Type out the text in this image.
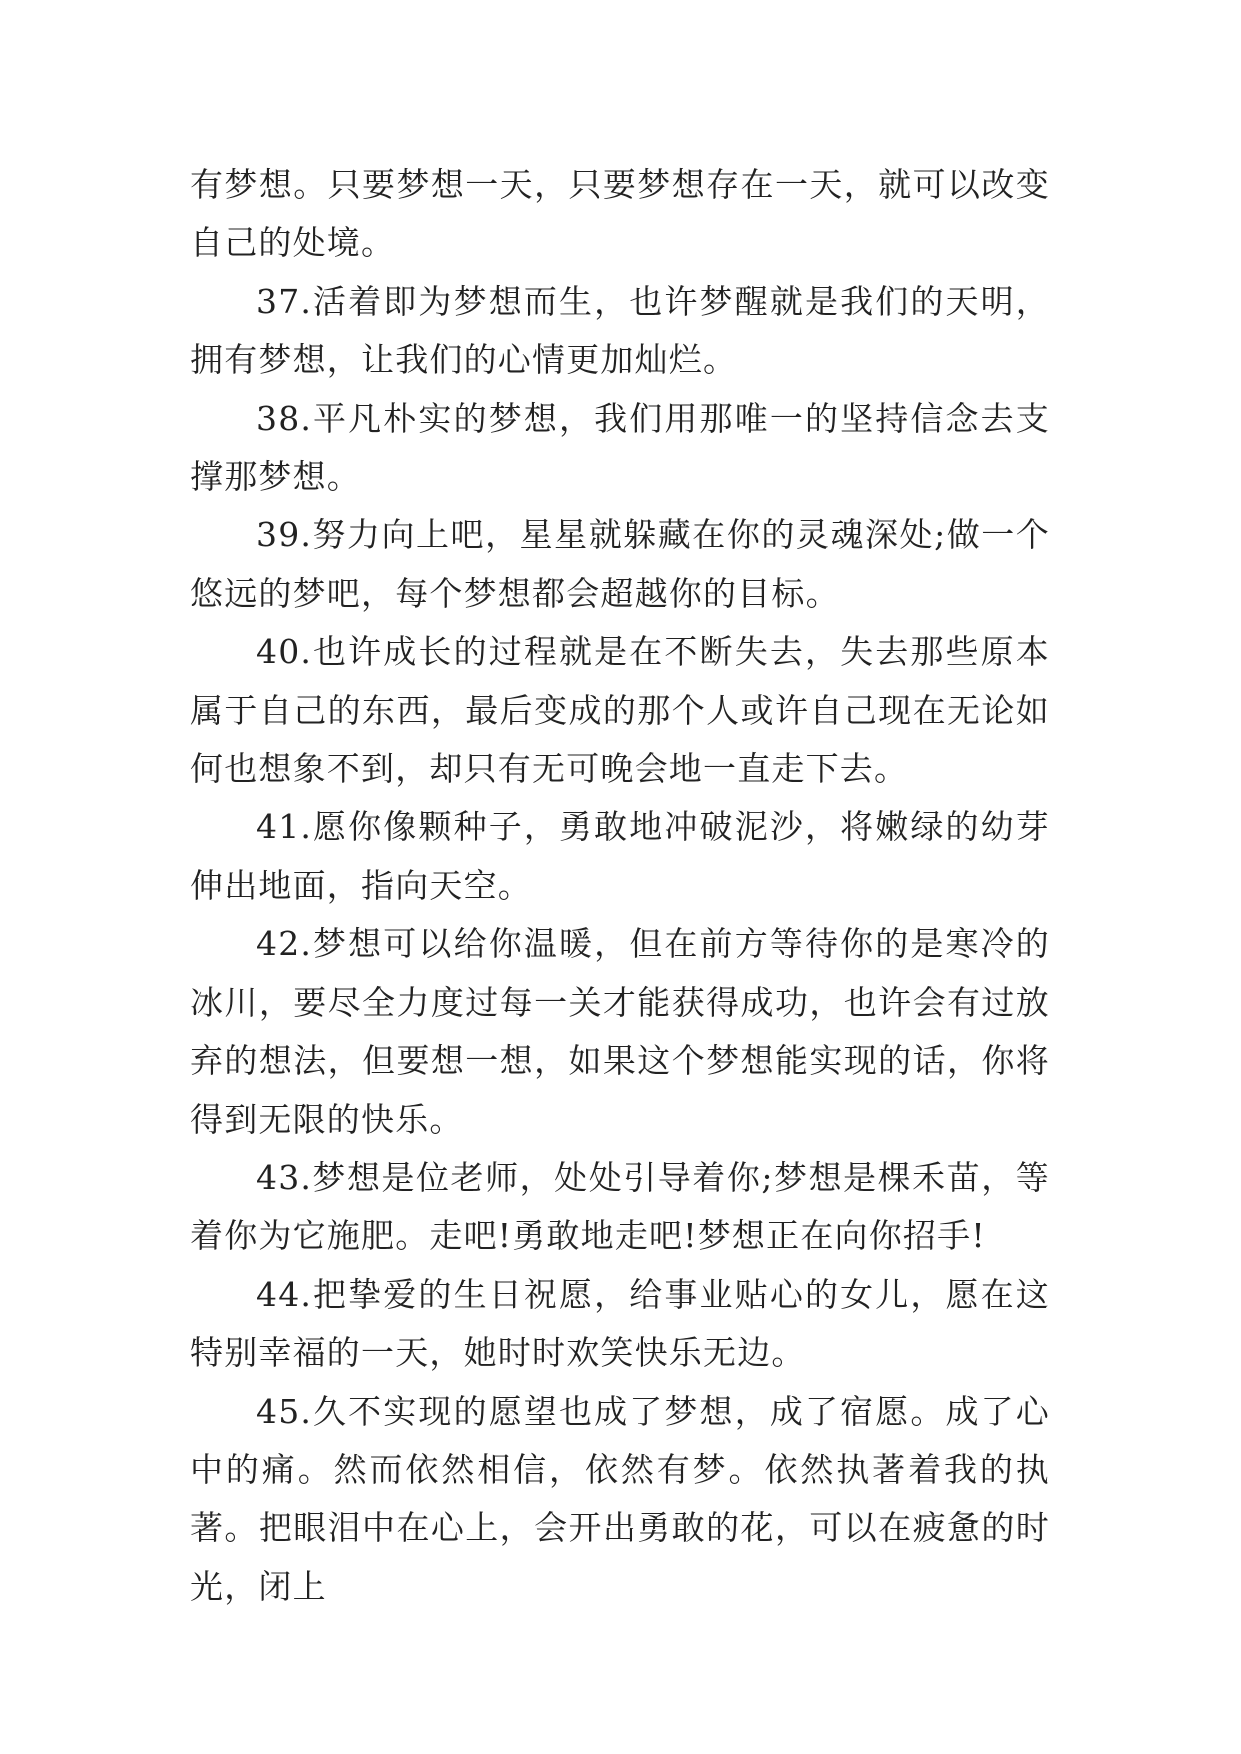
有梦想。只要梦想一天，只要梦想存在一天，就可以改变自己的处境。

37.活着即为梦想而生，也许梦醒就是我们的天明，拥有梦想，让我们的心情更加灿烂。

38.平凡朴实的梦想，我们用那唯一的坚持信念去支撑那梦想。

39.努力向上吧，星星就躲藏在你的灵魂深处;做一个悠远的梦吧，每个梦想都会超越你的目标。

40.也许成长的过程就是在不断失去，失去那些原本属于自己的东西，最后变成的那个人或许自己现在无论如何也想象不到，却只有无可晚会地一直走下去。

41.愿你像颗种子，勇敢地冲破泥沙，将嫩绿的幼芽伸出地面，指向天空。

42.梦想可以给你温暖，但在前方等待你的是寒冷的冰川，要尽全力度过每一关才能获得成功，也许会有过放弃的想法，但要想一想，如果这个梦想能实现的话，你将得到无限的快乐。

43.梦想是位老师，处处引导着你;梦想是棵禾苗，等着你为它施肥。走吧!勇敢地走吧!梦想正在向你招手!

44.把挚爱的生日祝愿，给事业贴心的女儿，愿在这特别幸福的一天，她时时欢笑快乐无边。

45.久不实现的愿望也成了梦想，成了宿愿。成了心中的痛。然而依然相信，依然有梦。依然执著着我的执著。把眼泪中在心上，会开出勇敢的花，可以在疲惫的时光，闭上
